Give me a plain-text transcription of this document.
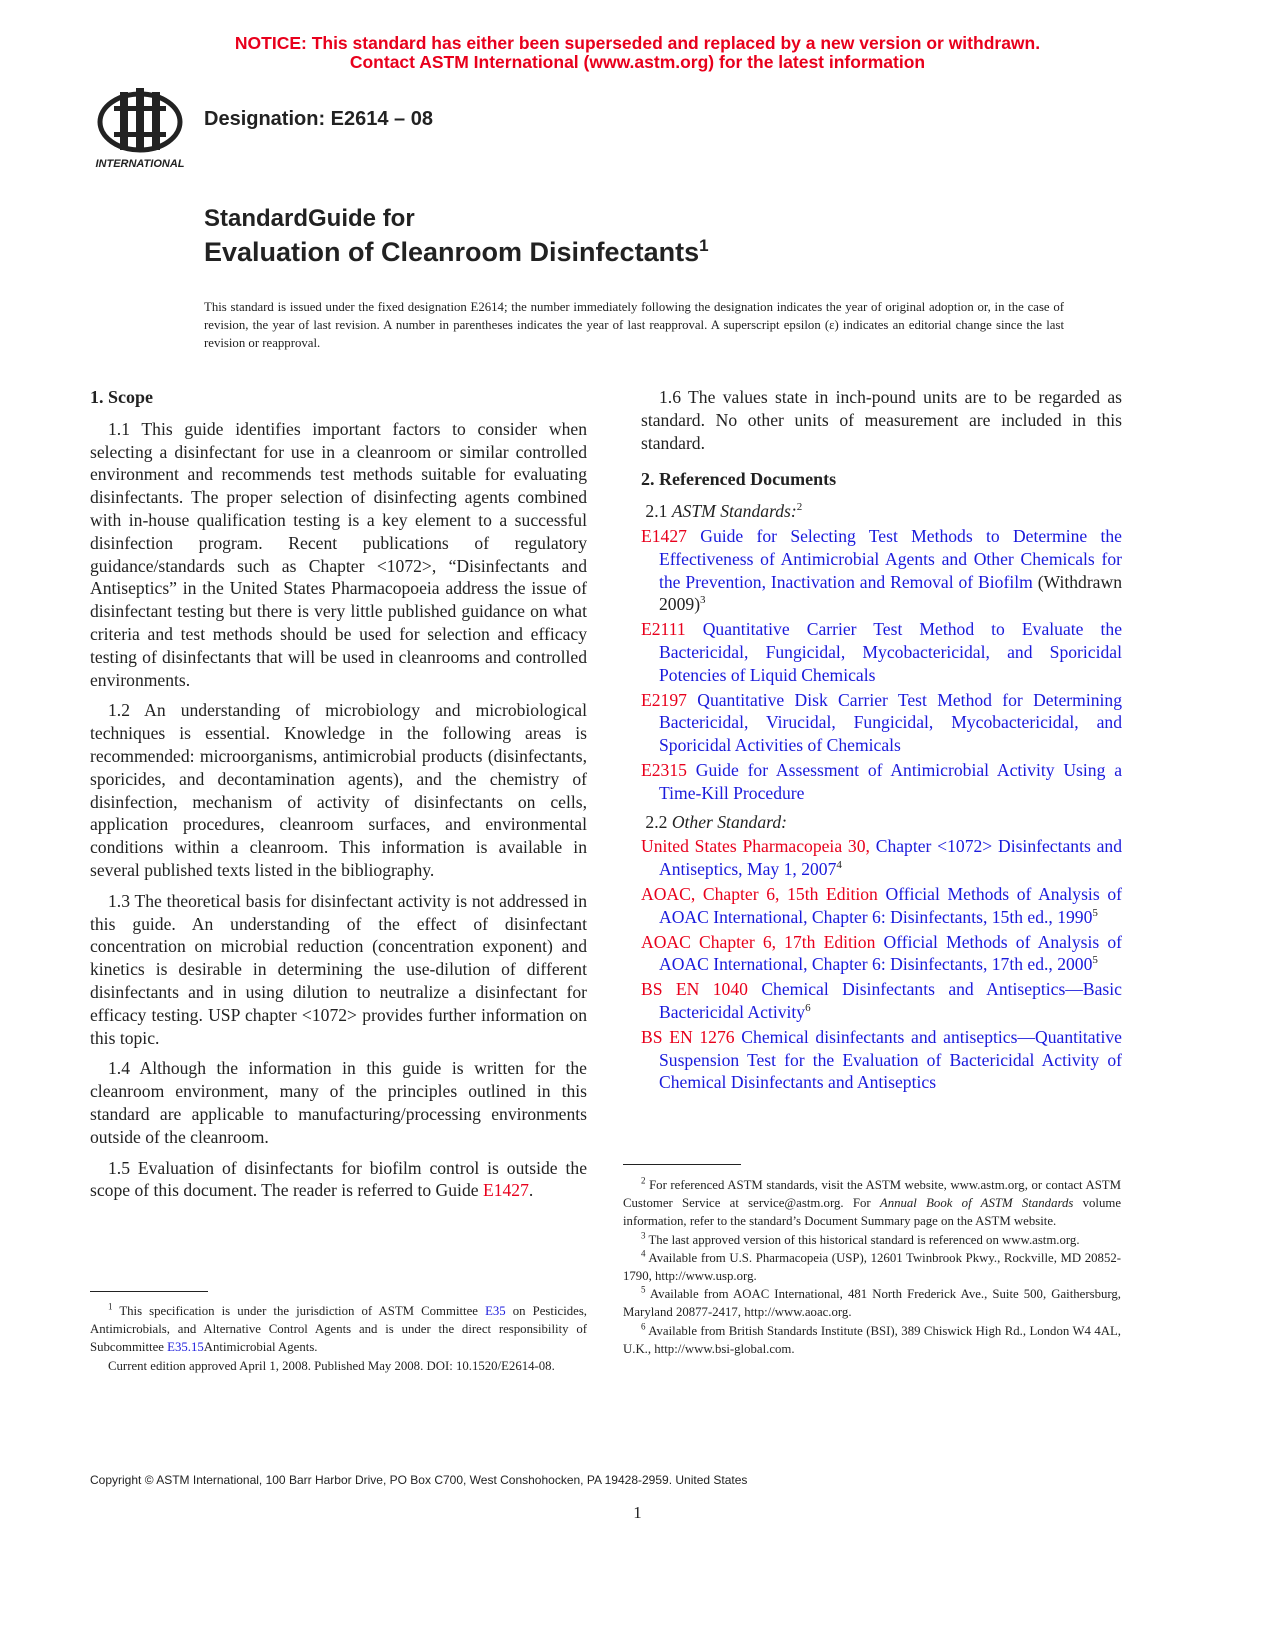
NOTICE: This standard has either been superseded and replaced by a new version or withdrawn.
Contact ASTM International (www.astm.org) for the latest information
INTERNATIONAL
Designation: E2614 – 08
StandardGuide for
Evaluation of Cleanroom Disinfectants$^1$
This standard is issued under the fixed designation E2614; the number immediately following the designation indicates the year of original adoption or, in the case of revision, the year of last revision. A number in parentheses indicates the year of last reapproval. A superscript epsilon (ε) indicates an editorial change since the last revision or reapproval.
1. Scope

1.1 This guide identifies important factors to consider when selecting a disinfectant for use in a cleanroom or similar controlled environment and recommends test methods suitable for evaluating disinfectants. The proper selection of disinfecting agents combined with in-house qualification testing is a key element to a successful disinfection program. Recent publications of regulatory guidance/standards such as Chapter <1072>, “Disinfectants and Antiseptics” in the United States Pharmacopoeia address the issue of disinfectant testing but there is very little published guidance on what criteria and test methods should be used for selection and efficacy testing of disinfectants that will be used in cleanrooms and controlled environments.

1.2 An understanding of microbiology and microbiological techniques is essential. Knowledge in the following areas is recommended: microorganisms, antimicrobial products (disinfectants, sporicides, and decontamination agents), and the chemistry of disinfection, mechanism of activity of disinfectants on cells, application procedures, cleanroom surfaces, and environmental conditions within a cleanroom. This information is available in several published texts listed in the bibliography.

1.3 The theoretical basis for disinfectant activity is not addressed in this guide. An understanding of the effect of disinfectant concentration on microbial reduction (concentration exponent) and kinetics is desirable in determining the use-dilution of different disinfectants and in using dilution to neutralize a disinfectant for efficacy testing. USP chapter <1072> provides further information on this topic.

1.4 Although the information in this guide is written for the cleanroom environment, many of the principles outlined in this standard are applicable to manufacturing/processing environments outside of the cleanroom.

1.5 Evaluation of disinfectants for biofilm control is outside the scope of this document. The reader is referred to Guide E1427.

$^1$ This specification is under the jurisdiction of ASTM Committee E35 on Pesticides, Antimicrobials, and Alternative Control Agents and is under the direct responsibility of Subcommittee E35.15Antimicrobial Agents.

Current edition approved April 1, 2008. Published May 2008. DOI: 10.1520/E2614-08.

1.6 The values state in inch-pound units are to be regarded as standard. No other units of measurement are included in this standard.

2. Referenced Documents
2.1 ASTM Standards:$^2$

E1427 Guide for Selecting Test Methods to Determine the Effectiveness of Antimicrobial Agents and Other Chemicals for the Prevention, Inactivation and Removal of Biofilm (Withdrawn 2009)$^3$

E2111 Quantitative Carrier Test Method to Evaluate the Bactericidal, Fungicidal, Mycobactericidal, and Sporicidal Potencies of Liquid Chemicals

E2197 Quantitative Disk Carrier Test Method for Determining Bactericidal, Virucidal, Fungicidal, Mycobactericidal, and Sporicidal Activities of Chemicals

E2315 Guide for Assessment of Antimicrobial Activity Using a Time-Kill Procedure

2.2 Other Standard:

United States Pharmacopeia 30, Chapter <1072> Disinfectants and Antiseptics, May 1, 2007$^4$

AOAC, Chapter 6, 15th Edition Official Methods of Analysis of AOAC International, Chapter 6: Disinfectants, 15th ed., 1990$^5$

AOAC Chapter 6, 17th Edition Official Methods of Analysis of AOAC International, Chapter 6: Disinfectants, 17th ed., 2000$^5$

BS EN 1040 Chemical Disinfectants and Antiseptics—Basic Bactericidal Activity$^6$

BS EN 1276 Chemical disinfectants and antiseptics—Quantitative Suspension Test for the Evaluation of Bactericidal Activity of Chemical Disinfectants and Antiseptics

$^2$ For referenced ASTM standards, visit the ASTM website, www.astm.org, or contact ASTM Customer Service at service@astm.org. For Annual Book of ASTM Standards volume information, refer to the standard’s Document Summary page on the ASTM website.

$^3$ The last approved version of this historical standard is referenced on www.astm.org.

$^4$ Available from U.S. Pharmacopeia (USP), 12601 Twinbrook Pkwy., Rockville, MD 20852-1790, http://www.usp.org.

$^5$ Available from AOAC International, 481 North Frederick Ave., Suite 500, Gaithersburg, Maryland 20877-2417, http://www.aoac.org.

$^6$ Available from British Standards Institute (BSI), 389 Chiswick High Rd., London W4 4AL, U.K., http://www.bsi-global.com.

Copyright © ASTM International, 100 Barr Harbor Drive, PO Box C700, West Conshohocken, PA 19428-2959. United States
1
